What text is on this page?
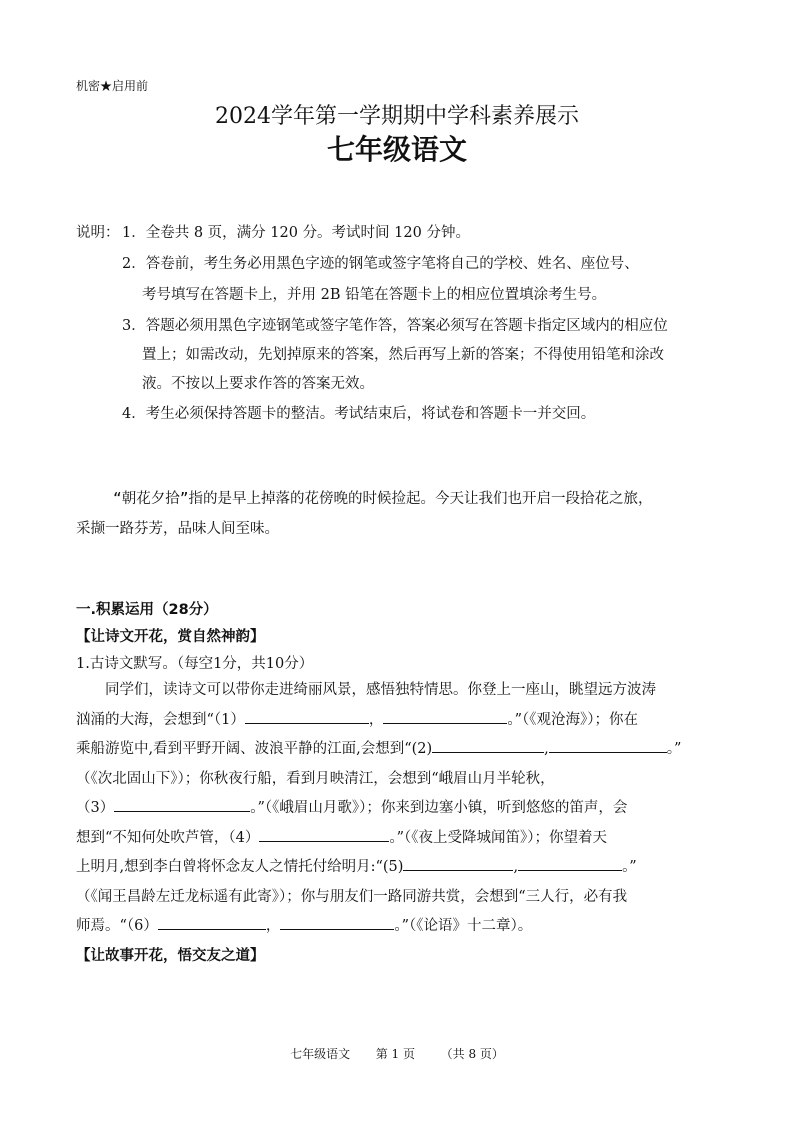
机密★启用前
2024学年第一学期期中学科素养展示
七年级语文
说明： 1．全卷共 8 页，满分 120 分。考试时间 120 分钟。
2．答卷前，考生务必用黑色字迹的钢笔或签字笔将自己的学校、姓名、座位号、
考号填写在答题卡上，并用 2B 铅笔在答题卡上的相应位置填涂考生号。
3．答题必须用黑色字迹钢笔或签字笔作答，答案必须写在答题卡指定区域内的相应位
置上；如需改动，先划掉原来的答案，然后再写上新的答案；不得使用铅笔和涂改
液。不按以上要求作答的答案无效。
4．考生必须保持答题卡的整洁。考试结束后，将试卷和答题卡一并交回。
“朝花夕拾”指的是早上掉落的花傍晚的时候捡起。今天让我们也开启一段拾花之旅，
采撷一路芬芳，品味人间至味。
一.积累运用（28分）
【让诗文开花，赏自然神韵】
1.古诗文默写。（每空1分，共10分）
同学们，读诗文可以带你走进绮丽风景，感悟独特情思。你登上一座山，眺望远方波涛
汹涌的大海，会想到“（1）	，	。”（《观沧海》）；你在
乘船游览中,看到平野开阔、波浪平静的江面,会想到“(2)	,	。”
（《次北固山下》）；你秋夜行船，看到月映清江，会想到“峨眉山月半轮秋，
（3）	。”（《峨眉山月歌》）；你来到边塞小镇，听到悠悠的笛声，会
想到“不知何处吹芦管，（4）	。”（《夜上受降城闻笛》）；你望着天
上明月,想到李白曾将怀念友人之情托付给明月:“(5)	,	。”
（《闻王昌龄左迁龙标遥有此寄》）；你与朋友们一路同游共赏，会想到“三人行，必有我
师焉。“（6）	，	。”（《论语》十二章）。
【让故事开花，悟交友之道】
七年级语文 第 1 页 （共 8 页）
